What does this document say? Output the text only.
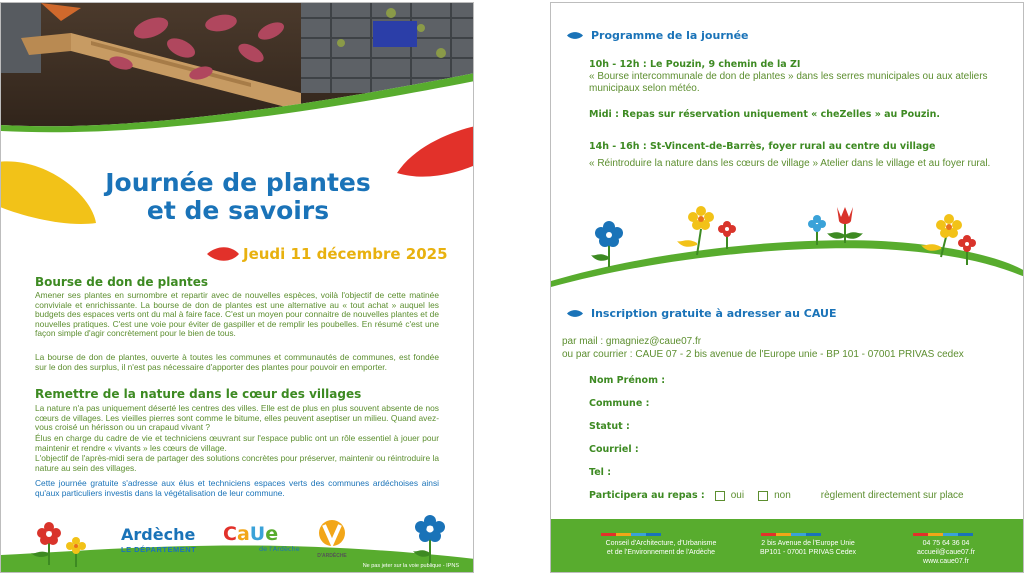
Journée de plantes
et de savoirs
Jeudi 11 décembre 2025
Bourse de don de plantes
Amener ses plantes en surnombre et repartir avec de nouvelles espèces, voilà l'objectif de cette matinée conviviale et enrichissante. La bourse de don de plantes est une alternative au « tout achat » auquel les budgets des espaces verts ont du mal à faire face. C'est un moyen pour connaitre de nouvelles plantes et de nouvelles pratiques. C'est une voie pour éviter de gaspiller et de remplir les poubelles. En résumé c'est une façon simple d'agir concrètement pour le bien de tous.
La bourse de don de plantes, ouverte à toutes les communes et communautés de communes, est fondée sur le don des surplus, il n'est pas nécessaire d'apporter des plantes pour pouvoir en emporter.
Remettre de la nature dans le cœur des villages
La nature n'a pas uniquement déserté les centres des villes. Elle est de plus en plus souvent absente de nos cœurs de villages. Les vieilles pierres sont comme le bitume, elles peuvent aseptiser un milieu. Quand avez-vous croisé un hérisson ou un crapaud vivant ?
Élus en charge du cadre de vie et techniciens œuvrant sur l'espace public ont un rôle essentiel à jouer pour maintenir et rendre « vivants » les cœurs de village.
L'objectif de l'après-midi sera de partager des solutions concrètes pour préserver, maintenir ou réintroduire la nature au sein des villages.
Cette journée gratuite s'adresse aux élus et techniciens espaces verts des communes ardéchoises ainsi qu'aux particuliers investis dans la végétalisation de leur commune.
Ardèche
LE DÉPARTEMENT
CaUe
de l'Ardèche
D'ARDÈCHE
Ne pas jeter sur la voie publique - IPNS
Programme de la journée
10h - 12h : Le Pouzin, 9 chemin de la ZI
« Bourse intercommunale de don de plantes » dans les serres municipales ou aux ateliers municipaux selon météo.
Midi : Repas sur réservation uniquement « cheZelles » au Pouzin.
14h - 16h : St-Vincent-de-Barrès, foyer rural au centre du village
« Réintroduire la nature dans les cœurs de village » Atelier dans le village et au foyer rural.
Inscription gratuite à adresser au CAUE
par mail : gmagniez@caue07.fr
ou par courrier : CAUE 07 - 2 bis avenue de l'Europe unie - BP 101 - 07001 PRIVAS cedex
Nom Prénom :
Commune :
Statut :
Courriel :
Tel :
Participera au repas :	oui	non	règlement directement sur place
Conseil d'Architecture, d'Urbanisme
et de l'Environnement de l'Ardèche
2 bis Avenue de l'Europe Unie
BP101 - 07001 PRIVAS Cedex
04 75 64 36 04
accueil@caue07.fr
www.caue07.fr
